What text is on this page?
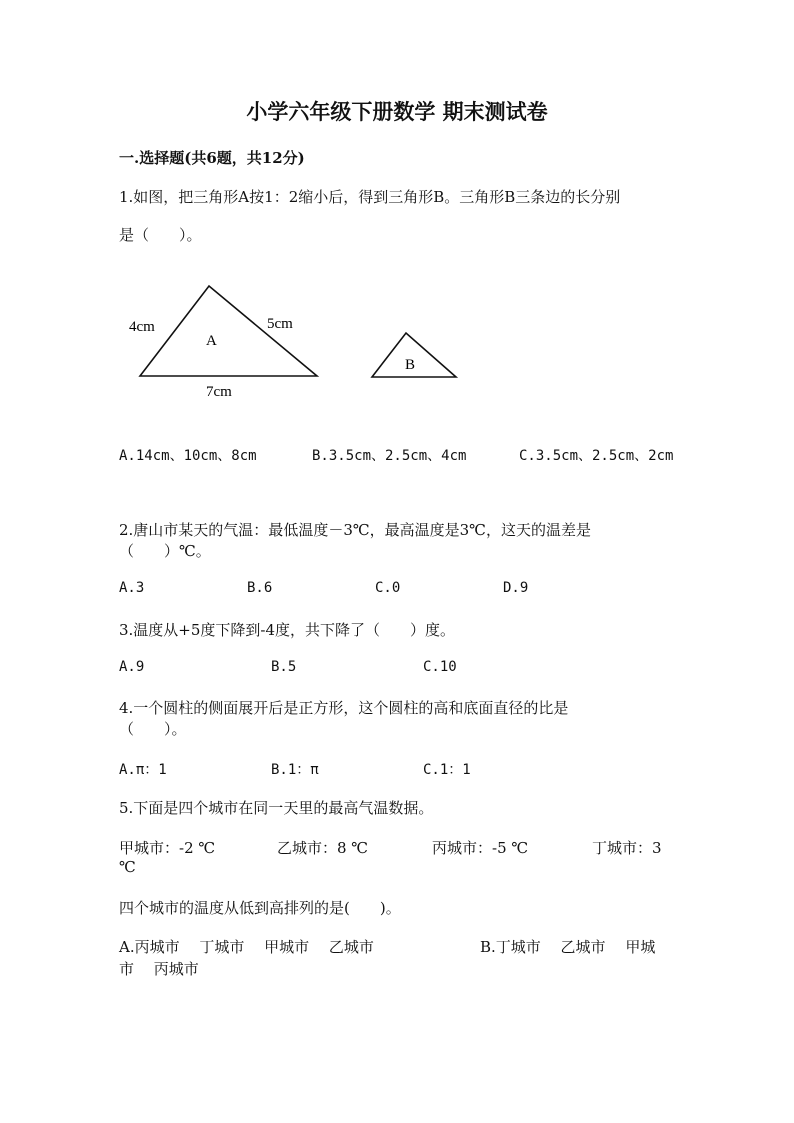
小学六年级下册数学 期末测试卷
一.选择题(共6题，共12分)
1.如图，把三角形A按1：2缩小后，得到三角形B。三角形B三条边的长分别
是（　　）。
4cm	5cm
A
7cm
B
A.14cm、10cm、8cm	B.3.5cm、2.5cm、4cm	C.3.5cm、2.5cm、2cm
2.唐山市某天的气温：最低温度－3℃，最高温度是3℃，这天的温差是
（　　）℃。
A.3	B.6	C.0	D.9
3.温度从+5度下降到-4度，共下降了（　　）度。
A.9	B.5	C.10
4.一个圆柱的侧面展开后是正方形，这个圆柱的高和底面直径的比是
（　　）。
A.π：1	B.1：π	C.1：1
5.下面是四个城市在同一天里的最高气温数据。
甲城市：-2 ℃	乙城市：8 ℃	丙城市：-5 ℃	丁城市：3
℃
四个城市的温度从低到高排列的是(　　)。
A.丙城市　 丁城市　 甲城市　 乙城市	B.丁城市　 乙城市　 甲城
市　 丙城市
